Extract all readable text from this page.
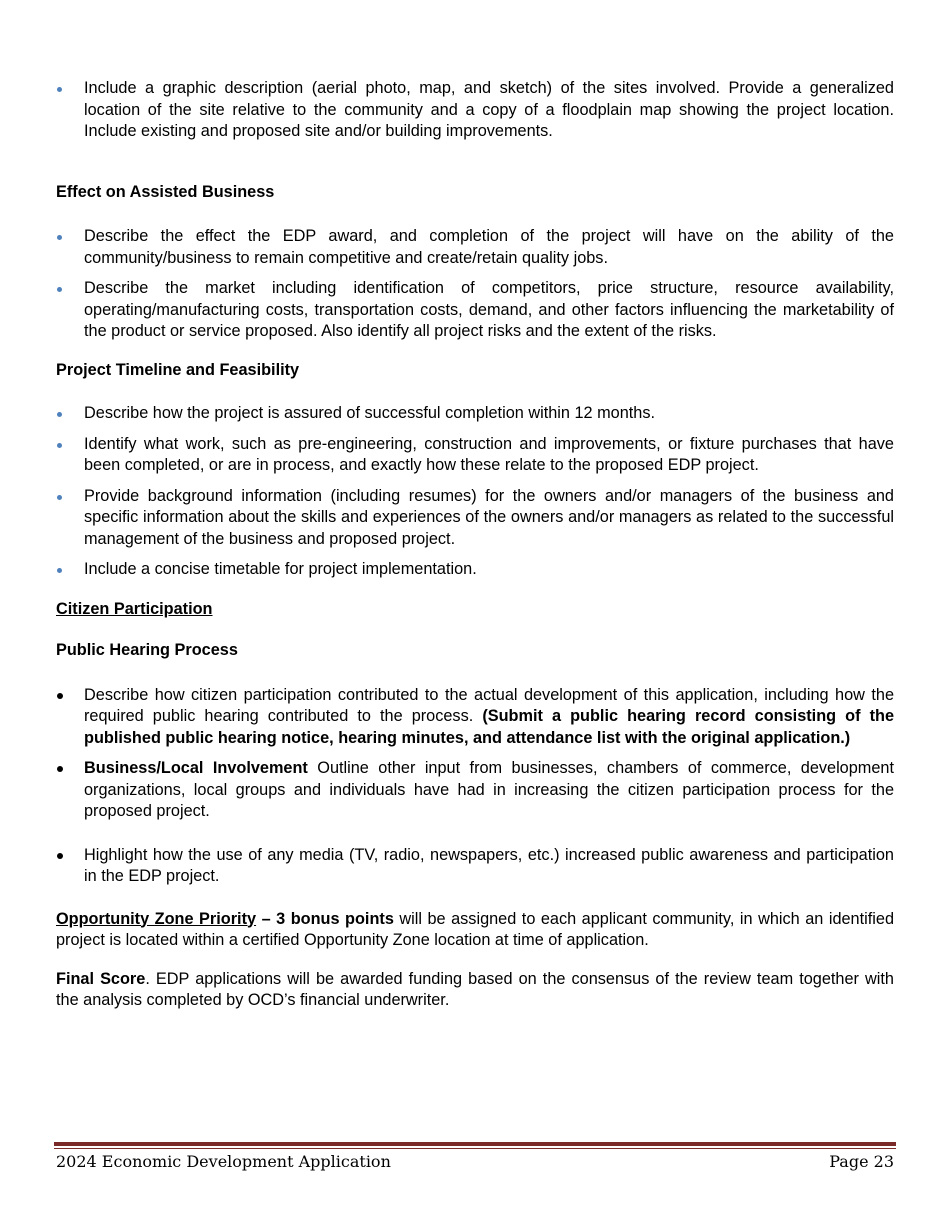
Include a graphic description (aerial photo, map, and sketch) of the sites involved. Provide a generalized location of the site relative to the community and a copy of a floodplain map showing the project location. Include existing and proposed site and/or building improvements.

Effect on Assisted Business

Describe the effect the EDP award, and completion of the project will have on the ability of the community/business to remain competitive and create/retain quality jobs.
Describe the market including identification of competitors, price structure, resource availability, operating/manufacturing costs, transportation costs, demand, and other factors influencing the marketability of the product or service proposed. Also identify all project risks and the extent of the risks.

Project Timeline and Feasibility

Describe how the project is assured of successful completion within 12 months.
Identify what work, such as pre-engineering, construction and improvements, or fixture purchases that have been completed, or are in process, and exactly how these relate to the proposed EDP project.
Provide background information (including resumes) for the owners and/or managers of the business and specific information about the skills and experiences of the owners and/or managers as related to the successful management of the business and proposed project.
Include a concise timetable for project implementation.

Citizen Participation

Public Hearing Process

Describe how citizen participation contributed to the actual development of this application, including how the required public hearing contributed to the process. (Submit a public hearing record consisting of the published public hearing notice, hearing minutes, and attendance list with the original application.)
Business/Local Involvement Outline other input from businesses, chambers of commerce, development organizations, local groups and individuals have had in increasing the citizen participation process for the proposed project.
Highlight how the use of any media (TV, radio, newspapers, etc.) increased public awareness and participation in the EDP project.

Opportunity Zone Priority – 3 bonus points will be assigned to each applicant community, in which an identified project is located within a certified Opportunity Zone location at time of application.

Final Score. EDP applications will be awarded funding based on the consensus of the review team together with the analysis completed by OCD’s financial underwriter.

2024 Economic Development Application	Page 23
